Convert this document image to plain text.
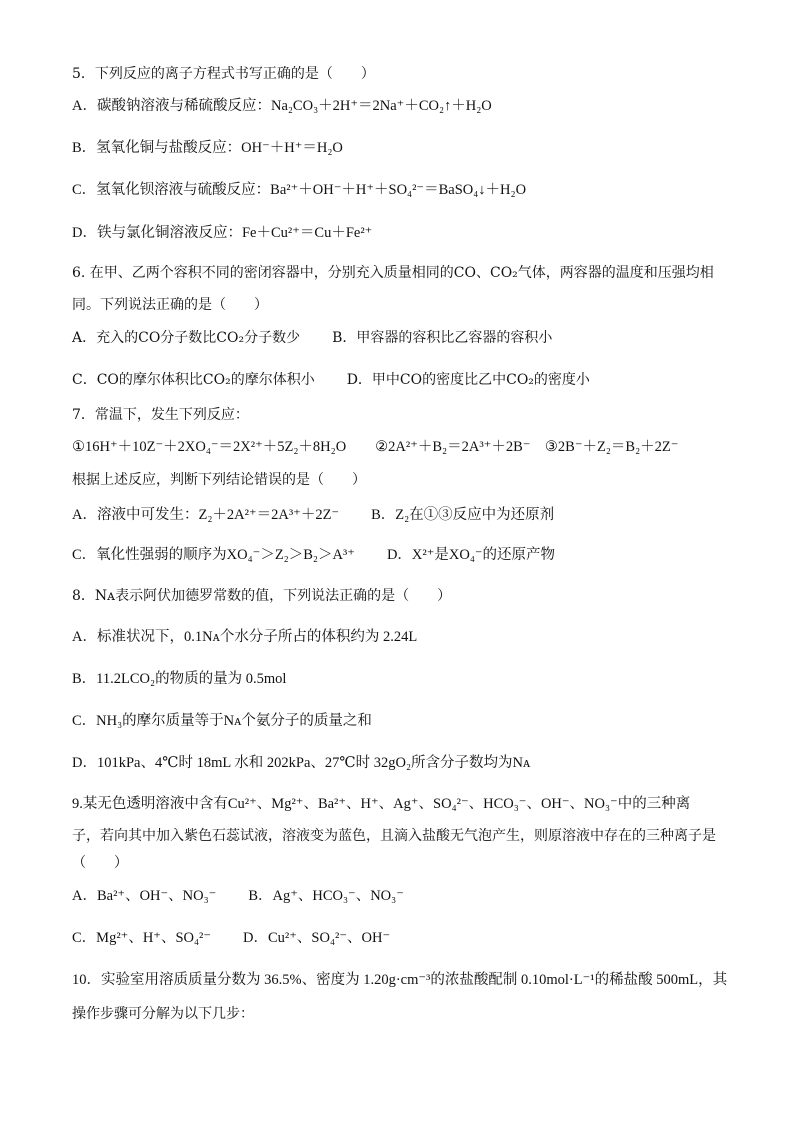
5．下列反应的离子方程式书写正确的是（　　）
A．碳酸钠溶液与稀硫酸反应：Na₂CO₃＋2H⁺＝2Na⁺＋CO₂↑＋H₂O
B．氢氧化铜与盐酸反应：OH⁻＋H⁺＝H₂O
C．氢氧化钡溶液与硫酸反应：Ba²⁺＋OH⁻＋H⁺＋SO₄²⁻＝BaSO₄↓＋H₂O
D．铁与氯化铜溶液反应：Fe＋Cu²⁺＝Cu＋Fe²⁺
6. 在甲、乙两个容积不同的密闭容器中，分别充入质量相同的CO、CO₂气体，两容器的温度和压强均相
同。下列说法正确的是（　　）
A．充入的CO分子数比CO₂分子数少 B．甲容器的容积比乙容器的容积小
C．CO的摩尔体积比CO₂的摩尔体积小 D．甲中CO的密度比乙中CO₂的密度小
7．常温下，发生下列反应：
①16H⁺＋10Z⁻＋2XO₄⁻＝2X²⁺＋5Z₂＋8H₂O　　②2A²⁺＋B₂＝2A³⁺＋2B⁻　③2B⁻＋Z₂＝B₂＋2Z⁻
根据上述反应，判断下列结论错误的是（　　）
A．溶液中可发生：Z₂＋2A²⁺＝2A³⁺＋2Z⁻ B．Z₂在①③反应中为还原剂
C．氧化性强弱的顺序为XO₄⁻＞Z₂＞B₂＞A³⁺ D．X²⁺是XO₄⁻的还原产物
8．Nᴀ表示阿伏加德罗常数的值，下列说法正确的是（　　）
A．标准状况下，0.1Nᴀ个水分子所占的体积约为 2.24L
B．11.2LCO₂的物质的量为 0.5mol
C．NH₃的摩尔质量等于Nᴀ个氨分子的质量之和
D．101kPa、4℃时 18mL 水和 202kPa、27℃时 32gO₂所含分子数均为Nᴀ
9.某无色透明溶液中含有Cu²⁺、Mg²⁺、Ba²⁺、H⁺、Ag⁺、SO₄²⁻、HCO₃⁻、OH⁻、NO₃⁻中的三种离
子，若向其中加入紫色石蕊试液，溶液变为蓝色，且滴入盐酸无气泡产生，则原溶液中存在的三种离子是
（　　）
A．Ba²⁺、OH⁻、NO₃⁻ B．Ag⁺、HCO₃⁻、NO₃⁻
C．Mg²⁺、H⁺、SO₄²⁻ D．Cu²⁺、SO₄²⁻、OH⁻
10．实验室用溶质质量分数为 36.5%、密度为 1.20g·cm⁻³的浓盐酸配制 0.10mol·L⁻¹的稀盐酸 500mL，其
操作步骤可分解为以下几步：
